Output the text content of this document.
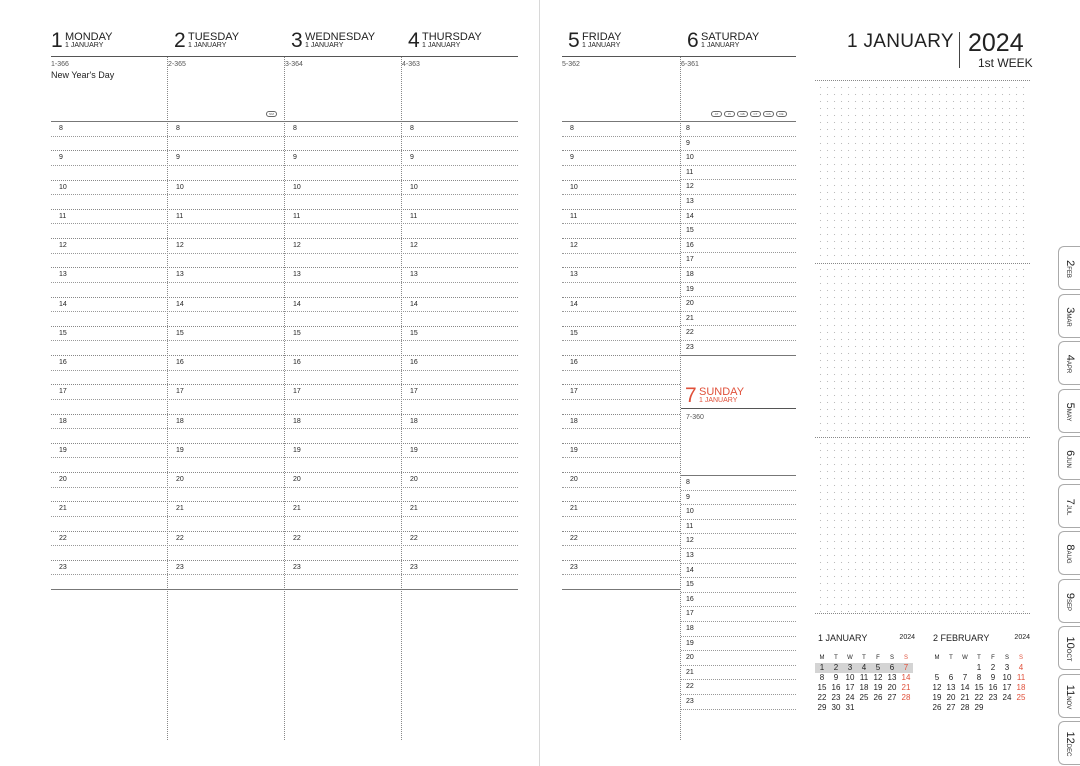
1 MONDAY
1 JANUARY
1-366
2 TUESDAY
1 JANUARY
2-365
3 WEDNESDAY
1 JANUARY
3-364
4 THURSDAY
1 JANUARY
4-363
5 FRIDAY
1 JANUARY
5-362
6 SATURDAY
1 JANUARY
6-361
New Year's Day
NM	AT	PI	GB	CT	GS	DE
8
9
10
11
12
13
14
15
16
17
18
19
20
21
22
23
8
9
10
11
12
13
14
15
16
17
18
19
20
21
22
23
8
9
10
11
12
13
14
15
16
17
18
19
20
21
22
23
8
9
10
11
12
13
14
15
16
17
18
19
20
21
22
23
8
9
10
11
12
13
14
15
16
17
18
19
20
21
22
23
8
9
10
11
12
13
14
15
16
17
18
19
20
21
22
23
7 SUNDAY
1 JANUARY
7-360
8
9
10
11
12
13
14
15
16
17
18
19
20
21
22
23
1 JANUARY 2024
1st WEEK
1 JANUARY	2024
M	T	W	T	F	S	S
1	2	3	4	5	6	7
8	9	10	11	12	13	14
15	16	17	18	19	20	21
22	23	24	25	26	27	28
29	30	31				
2 FEBRUARY	2024
M	T	W	T	F	S	S
			1	2	3	4
5	6	7	8	9	10	11
12	13	14	15	16	17	18
19	20	21	22	23	24	25
26	27	28	29			
2FEB
3MAR
4APR
5MAY
6JUN
7JUL
8AUG
9SEP
10OCT
11NOV
12DEC
